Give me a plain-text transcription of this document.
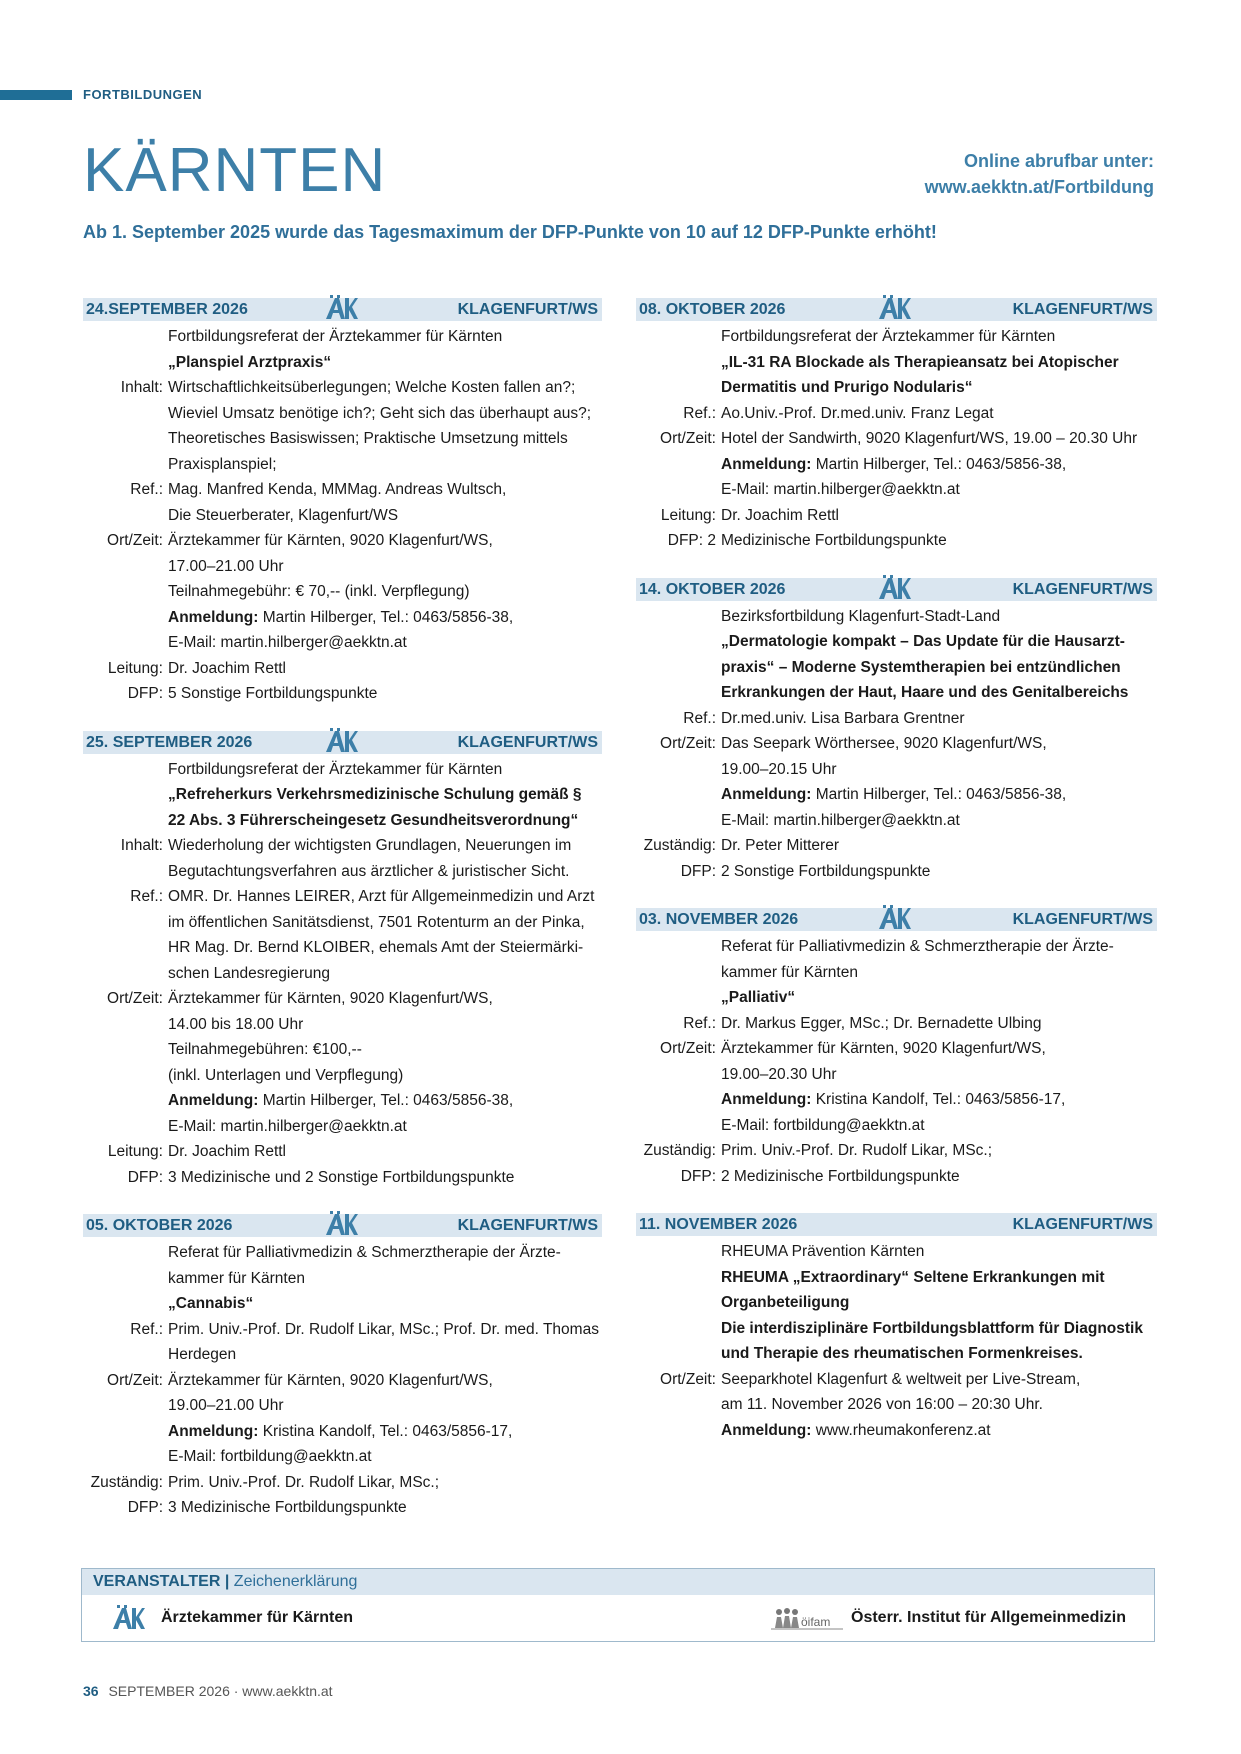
FORTBILDUNGEN
KÄRNTEN	Online abrufbar unter:
www.aekktn.at/Fortbildung
Ab 1. September 2025 wurde das Tagesmaximum der DFP-Punkte von 10 auf 12 DFP-Punkte erhöht!
24.SEPTEMBER 2026	KLAGENFURT/WS
Fortbildungsreferat der Ärztekammer für Kärnten
„Planspiel Arztpraxis“
Inhalt: Wirtschaftlichkeitsüberlegungen; Welche Kosten fallen an?;
Wieviel Umsatz benötige ich?; Geht sich das überhaupt aus?;
Theoretisches Basiswissen; Praktische Umsetzung mittels
Praxisplanspiel;
Ref.: Mag. Manfred Kenda, MMMag. Andreas Wultsch,
Die Steuerberater, Klagenfurt/WS
Ort/Zeit: Ärztekammer für Kärnten, 9020 Klagenfurt/WS,
17.00–21.00 Uhr
Teilnahmegebühr: € 70,-- (inkl. Verpflegung)
Anmeldung: Martin Hilberger, Tel.: 0463/5856-38,
E-Mail: martin.hilberger@aekktn.at
Leitung: Dr. Joachim Rettl
DFP: 5 Sonstige Fortbildungspunkte
25. SEPTEMBER 2026	KLAGENFURT/WS
Fortbildungsreferat der Ärztekammer für Kärnten
„Refreherkurs Verkehrsmedizinische Schulung gemäß §
22 Abs. 3 Führerscheingesetz Gesundheitsverordnung“
Inhalt: Wiederholung der wichtigsten Grundlagen, Neuerungen im
Begutachtungsverfahren aus ärztlicher & juristischer Sicht.
Ref.: OMR. Dr. Hannes LEIRER, Arzt für Allgemeinmedizin und Arzt
im öffentlichen Sanitätsdienst, 7501 Rotenturm an der Pinka,
HR Mag. Dr. Bernd KLOIBER, ehemals Amt der Steiermärki-
schen Landesregierung
Ort/Zeit: Ärztekammer für Kärnten, 9020 Klagenfurt/WS,
14.00 bis 18.00 Uhr
Teilnahmegebühren: €100,--
(inkl. Unterlagen und Verpflegung)
Anmeldung: Martin Hilberger, Tel.: 0463/5856-38,
E-Mail: martin.hilberger@aekktn.at
Leitung: Dr. Joachim Rettl
DFP: 3 Medizinische und 2 Sonstige Fortbildungspunkte
05. OKTOBER 2026	KLAGENFURT/WS
Referat für Palliativmedizin & Schmerztherapie der Ärzte-
kammer für Kärnten
„Cannabis“
Ref.: Prim. Univ.-Prof. Dr. Rudolf Likar, MSc.; Prof. Dr. med. Thomas
Herdegen
Ort/Zeit: Ärztekammer für Kärnten, 9020 Klagenfurt/WS,
19.00–21.00 Uhr
Anmeldung: Kristina Kandolf, Tel.: 0463/5856-17,
E-Mail: fortbildung@aekktn.at
Zuständig: Prim. Univ.-Prof. Dr. Rudolf Likar, MSc.;
DFP: 3 Medizinische Fortbildungspunkte
08. OKTOBER 2026	KLAGENFURT/WS
Fortbildungsreferat der Ärztekammer für Kärnten
„IL-31 RA Blockade als Therapieansatz bei Atopischer
Dermatitis und Prurigo Nodularis“
Ref.: Ao.Univ.-Prof. Dr.med.univ. Franz Legat
Ort/Zeit: Hotel der Sandwirth, 9020 Klagenfurt/WS, 19.00 – 20.30 Uhr
Anmeldung: Martin Hilberger, Tel.: 0463/5856-38,
E-Mail: martin.hilberger@aekktn.at
Leitung: Dr. Joachim Rettl
DFP: 2 Medizinische Fortbildungspunkte
14. OKTOBER 2026	KLAGENFURT/WS
Bezirksfortbildung Klagenfurt-Stadt-Land
„Dermatologie kompakt – Das Update für die Hausarzt-
praxis“ – Moderne Systemtherapien bei entzündlichen
Erkrankungen der Haut, Haare und des Genitalbereichs
Ref.: Dr.med.univ. Lisa Barbara Grentner
Ort/Zeit: Das Seepark Wörthersee, 9020 Klagenfurt/WS,
19.00–20.15 Uhr
Anmeldung: Martin Hilberger, Tel.: 0463/5856-38,
E-Mail: martin.hilberger@aekktn.at
Zuständig: Dr. Peter Mitterer
DFP: 2 Sonstige Fortbildungspunkte
03. NOVEMBER 2026	KLAGENFURT/WS
Referat für Palliativmedizin & Schmerztherapie der Ärzte-
kammer für Kärnten
„Palliativ“
Ref.: Dr. Markus Egger, MSc.; Dr. Bernadette Ulbing
Ort/Zeit: Ärztekammer für Kärnten, 9020 Klagenfurt/WS,
19.00–20.30 Uhr
Anmeldung: Kristina Kandolf, Tel.: 0463/5856-17,
E-Mail: fortbildung@aekktn.at
Zuständig: Prim. Univ.-Prof. Dr. Rudolf Likar, MSc.;
DFP: 2 Medizinische Fortbildungspunkte
11. NOVEMBER 2026	KLAGENFURT/WS
RHEUMA Prävention Kärnten
RHEUMA „Extraordinary“ Seltene Erkrankungen mit
Organbeteiligung
Die interdisziplinäre Fortbildungsblattform für Diagnostik
und Therapie des rheumatischen Formenkreises.
Ort/Zeit: Seeparkhotel Klagenfurt & weltweit per Live-Stream,
am 11. November 2026 von 16:00 – 20:30 Uhr.
Anmeldung: www.rheumakonferenz.at
VERANSTALTER | Zeichenerklärung
Ärztekammer für Kärnten	öifam Österr. Institut für Allgemeinmedizin
36 SEPTEMBER 2026 · www.aekktn.at
